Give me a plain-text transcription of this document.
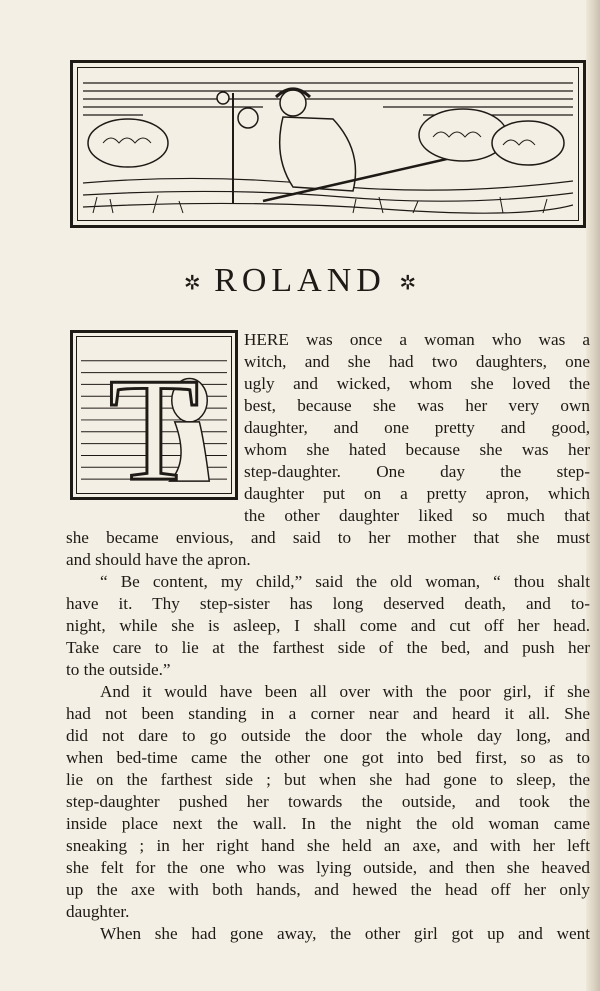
✲ ROLAND ✲
T
HERE was once a woman who was a
witch, and she had two daughters, one
ugly and wicked, whom she loved the
best, because she was her very own
daughter, and one pretty and good,
whom she hated because she was her
step-daughter. One day the step-
daughter put on a pretty apron, which
the other daughter liked so much that
she became envious, and said to her mother that she must
and should have the apron.
“ Be content, my child,” said the old woman, “ thou shalt
have it. Thy step-sister has long deserved death, and to-
night, while she is asleep, I shall come and cut off her head.
Take care to lie at the farthest side of the bed, and push her
to the outside.”
And it would have been all over with the poor girl, if she
had not been standing in a corner near and heard it all. She
did not dare to go outside the door the whole day long, and
when bed-time came the other one got into bed first, so as to
lie on the farthest side ; but when she had gone to sleep, the
step-daughter pushed her towards the outside, and took the
inside place next the wall. In the night the old woman came
sneaking ; in her right hand she held an axe, and with her left
she felt for the one who was lying outside, and then she heaved
up the axe with both hands, and hewed the head off her only
daughter.
When she had gone away, the other girl got up and went
